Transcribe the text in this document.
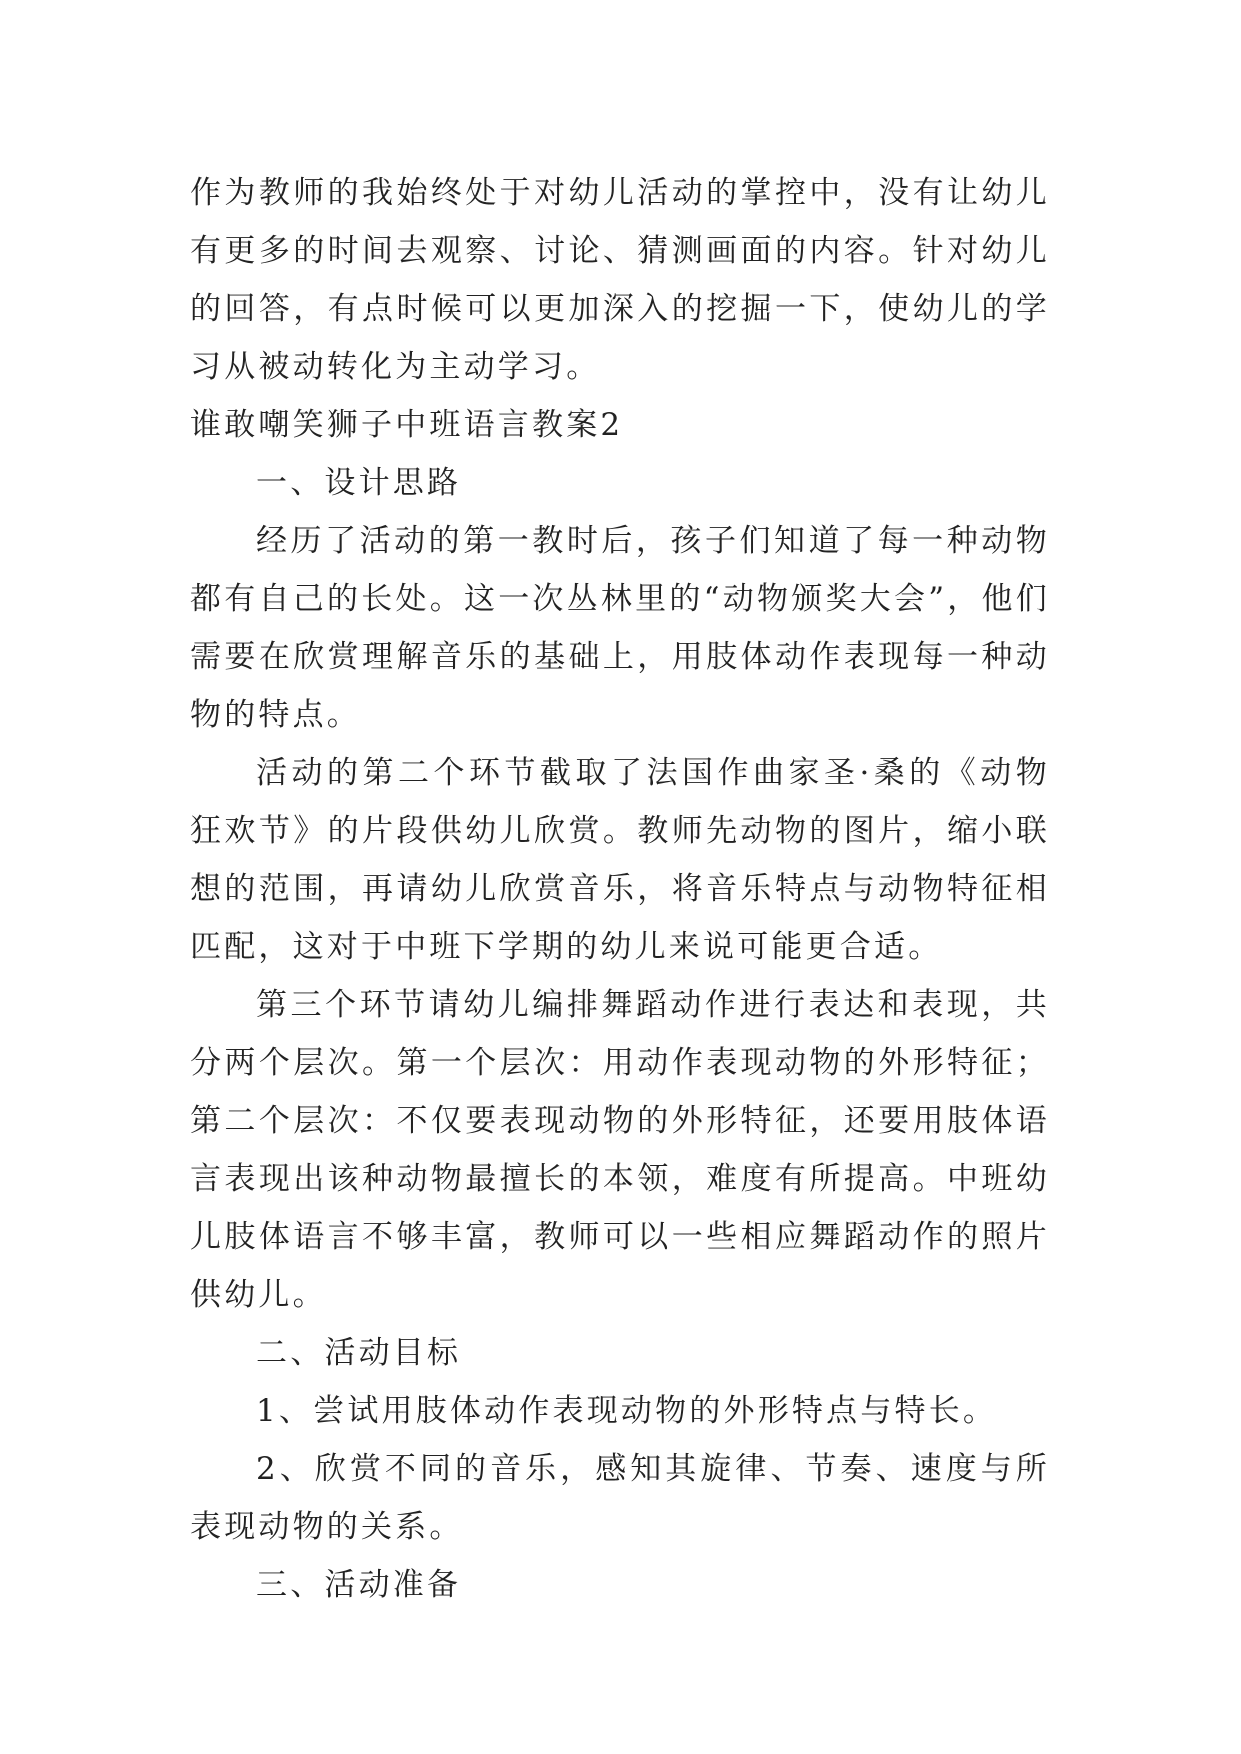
作为教师的我始终处于对幼儿活动的掌控中，没有让幼儿有更多的时间去观察、讨论、猜测画面的内容。针对幼儿的回答，有点时候可以更加深入的挖掘一下，使幼儿的学习从被动转化为主动学习。

谁敢嘲笑狮子中班语言教案2

一、设计思路

经历了活动的第一教时后，孩子们知道了每一种动物都有自己的长处。这一次丛林里的“动物颁奖大会”，他们需要在欣赏理解音乐的基础上，用肢体动作表现每一种动物的特点。

活动的第二个环节截取了法国作曲家圣·桑的《动物狂欢节》的片段供幼儿欣赏。教师先动物的图片，缩小联想的范围，再请幼儿欣赏音乐，将音乐特点与动物特征相匹配，这对于中班下学期的幼儿来说可能更合适。

第三个环节请幼儿编排舞蹈动作进行表达和表现，共分两个层次。第一个层次：用动作表现动物的外形特征；第二个层次：不仅要表现动物的外形特征，还要用肢体语言表现出该种动物最擅长的本领，难度有所提高。中班幼儿肢体语言不够丰富，教师可以一些相应舞蹈动作的照片供幼儿。

二、活动目标

1、尝试用肢体动作表现动物的外形特点与特长。

2、欣赏不同的音乐，感知其旋律、节奏、速度与所表现动物的关系。

三、活动准备
